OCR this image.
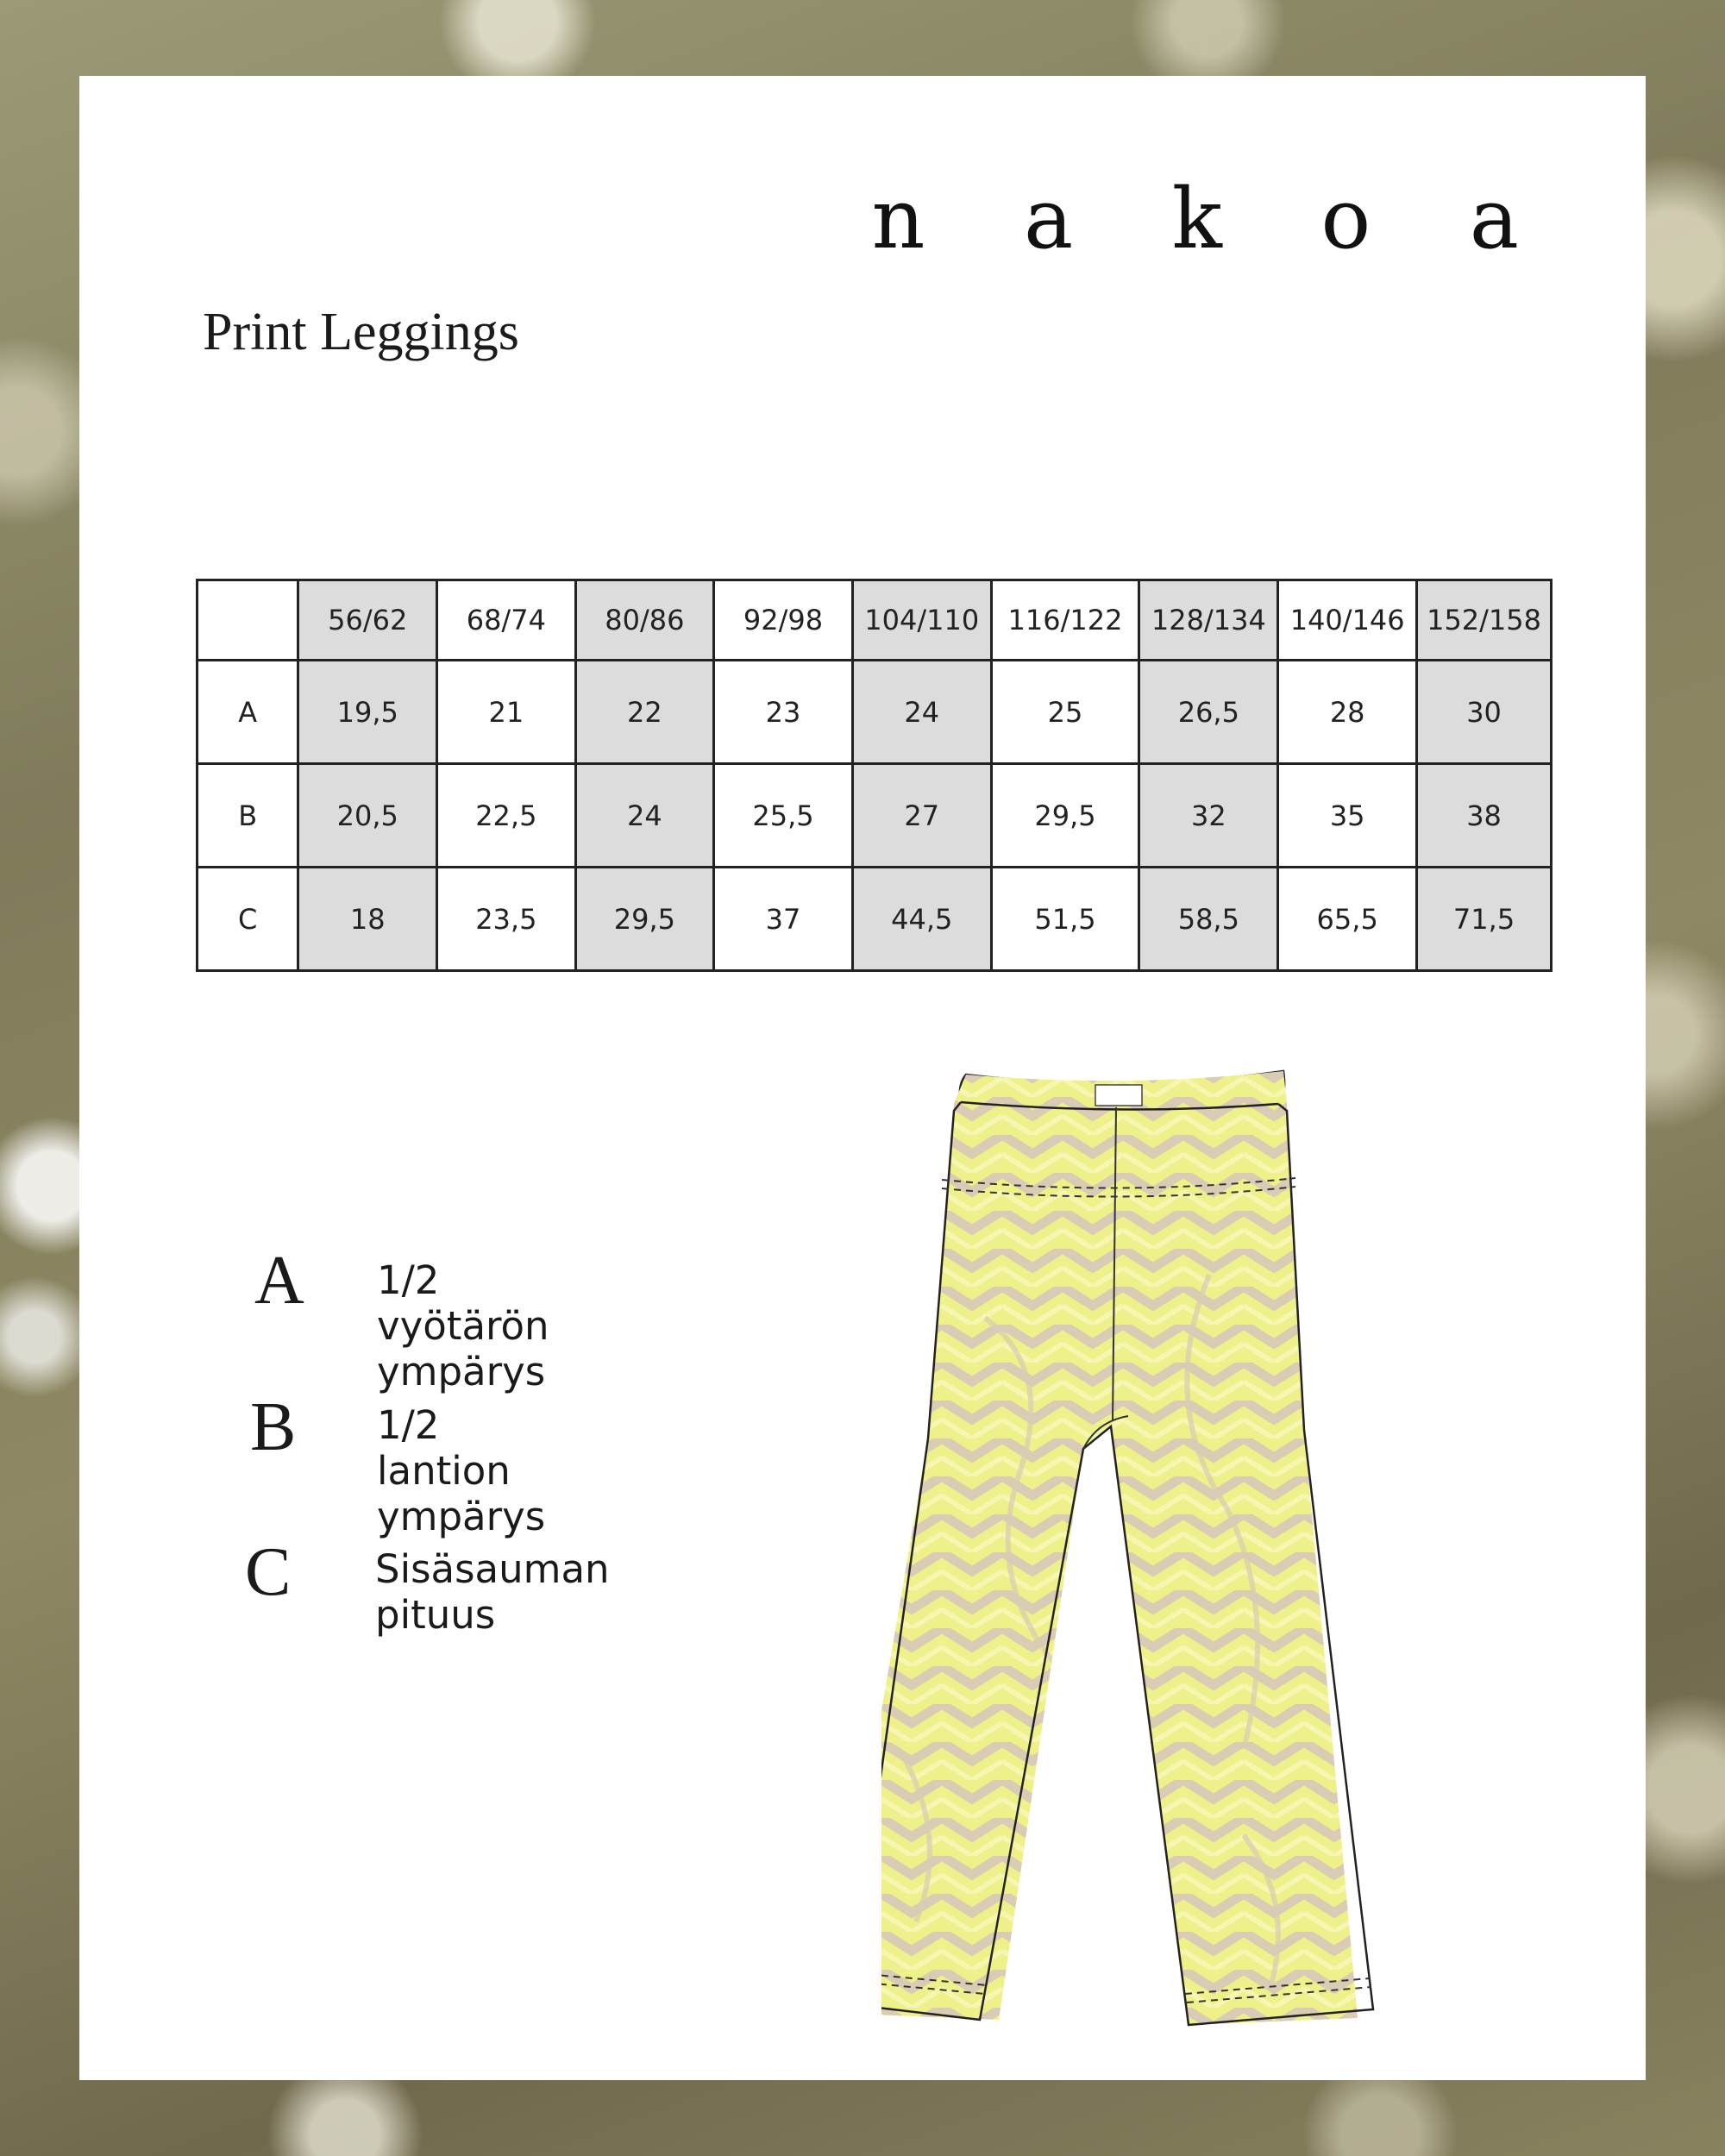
n a k o a
Print Leggings
	56/62	68/74	80/86	92/98	104/110	116/122	128/134	140/146	152/158
A	19,5	21	22	23	24	25	26,5	28	30
B	20,5	22,5	24	25,5	27	29,5	32	35	38
C	18	23,5	29,5	37	44,5	51,5	58,5	65,5	71,5
A 1/2 vyötärön ympärys
B 1/2 lantion ympärys
C Sisäsauman pituus
